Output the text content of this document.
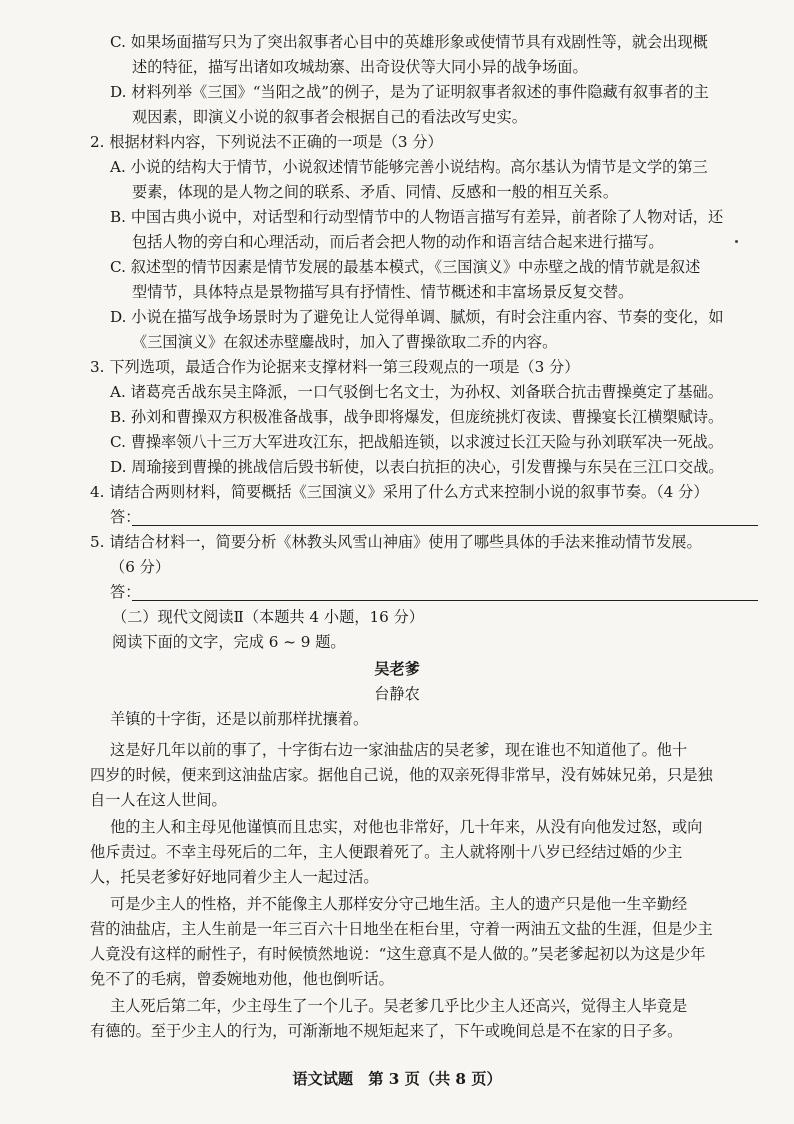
C. 如果场面描写只为了突出叙事者心目中的英雄形象或使情节具有戏剧性等，就会出现概
述的特征，描写出诸如攻城劫寨、出奇设伏等大同小异的战争场面。
D. 材料列举《三国》“当阳之战”的例子，是为了证明叙事者叙述的事件隐藏有叙事者的主
观因素，即演义小说的叙事者会根据自己的看法改写史实。
2. 根据材料内容，下列说法不正确的一项是（3 分）
A. 小说的结构大于情节，小说叙述情节能够完善小说结构。高尔基认为情节是文学的第三
要素，体现的是人物之间的联系、矛盾、同情、反感和一般的相互关系。
B. 中国古典小说中，对话型和行动型情节中的人物语言描写有差异，前者除了人物对话，还
包括人物的旁白和心理活动，而后者会把人物的动作和语言结合起来进行描写。
C. 叙述型的情节因素是情节发展的最基本模式，《三国演义》中赤壁之战的情节就是叙述
型情节，具体特点是景物描写具有抒情性、情节概述和丰富场景反复交替。
D. 小说在描写战争场景时为了避免让人觉得单调、腻烦，有时会注重内容、节奏的变化，如
《三国演义》在叙述赤壁鏖战时，加入了曹操欲取二乔的内容。
3. 下列选项，最适合作为论据来支撑材料一第三段观点的一项是（3 分）
A. 诸葛亮舌战东吴主降派，一口气驳倒七名文士，为孙权、刘备联合抗击曹操奠定了基础。
B. 孙刘和曹操双方积极准备战事，战争即将爆发，但庞统挑灯夜读、曹操宴长江横槊赋诗。
C. 曹操率领八十三万大军进攻江东，把战船连锁，以求渡过长江天险与孙刘联军决一死战。
D. 周瑜接到曹操的挑战信后毁书斩使，以表白抗拒的决心，引发曹操与东吴在三江口交战。
4. 请结合两则材料，简要概括《三国演义》采用了什么方式来控制小说的叙事节奏。（4 分）
答：
5. 请结合材料一，简要分析《林教头风雪山神庙》使用了哪些具体的手法来推动情节发展。
（6 分）
答：
（二）现代文阅读Ⅱ（本题共 4 小题，16 分）
阅读下面的文字，完成 6 ~ 9 题。
吴老爹
台静农
羊镇的十字街，还是以前那样扰攘着。
这是好几年以前的事了，十字街右边一家油盐店的吴老爹，现在谁也不知道他了。他十
四岁的时候，便来到这油盐店家。据他自己说，他的双亲死得非常早，没有姊妹兄弟，只是独
自一人在这人世间。
他的主人和主母见他谨慎而且忠实，对他也非常好，几十年来，从没有向他发过怒，或向
他斥责过。不幸主母死后的二年，主人便跟着死了。主人就将刚十八岁已经结过婚的少主
人，托吴老爹好好地同着少主人一起过活。
可是少主人的性格，并不能像主人那样安分守己地生活。主人的遗产只是他一生辛勤经
营的油盐店，主人生前是一年三百六十日地坐在柜台里，守着一两油五文盐的生涯，但是少主
人竟没有这样的耐性子，有时候愤然地说：“这生意真不是人做的。”吴老爹起初以为这是少年
免不了的毛病，曾委婉地劝他，他也倒听话。
主人死后第二年，少主母生了一个儿子。吴老爹几乎比少主人还高兴，觉得主人毕竟是
有德的。至于少主人的行为，可渐渐地不规矩起来了，下午或晚间总是不在家的日子多。
语文试题　第 3 页（共 8 页）
